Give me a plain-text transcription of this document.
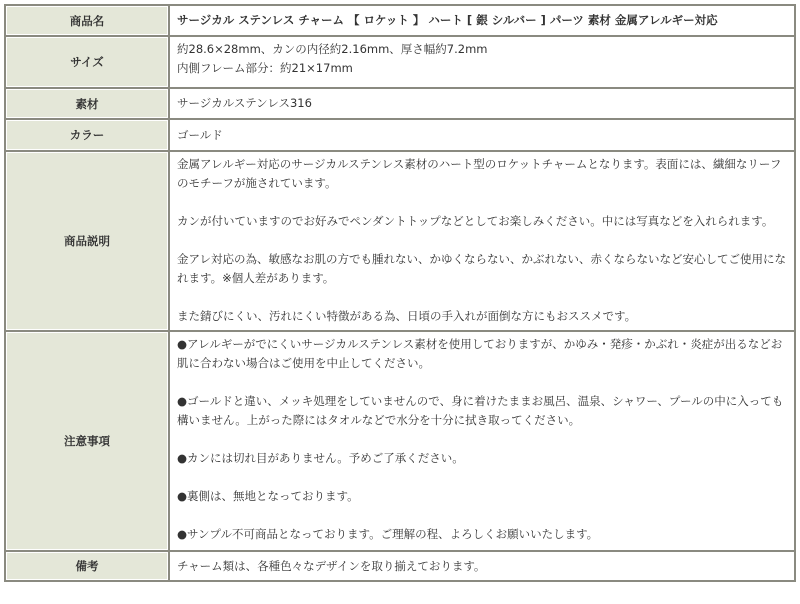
商品名	サージカル ステンレス チャーム 【 ロケット 】 ハート [ 銀 シルバー ] パーツ 素材 金属アレルギー対応
サイズ	約28.6×28mm、カンの内径約2.16mm、厚さ幅約7.2mm
内側フレーム部分：約21×17mm

素材	サージカルステンレス316
カラー	ゴールド
商品説明	金属アレルギー対応のサージカルステンレス素材のハート型のロケットチャームとなります。表面には、繊細なリーフのモチーフが施されています。

カンが付いていますのでお好みでペンダントトップなどとしてお楽しみください。中には写真などを入れられます。

金アレ対応の為、敏感なお肌の方でも腫れない、かゆくならない、かぶれない、赤くならないなど安心してご使用になれます。※個人差があります。

また錆びにくい、汚れにくい特徴がある為、日頃の手入れが面倒な方にもおススメです。

注意事項	●アレルギーがでにくいサージカルステンレス素材を使用しておりますが、かゆみ・発疹・かぶれ・炎症が出るなどお肌に合わない場合はご使用を中止してください。

●ゴールドと違い、メッキ処理をしていませんので、身に着けたままお風呂、温泉、シャワー、プールの中に入っても構いません。上がった際にはタオルなどで水分を十分に拭き取ってください。

●カンには切れ目がありません。予めご了承ください。

●裏側は、無地となっております。

●サンプル不可商品となっております。ご理解の程、よろしくお願いいたします。

備考	チャーム類は、各種色々なデザインを取り揃えております。
